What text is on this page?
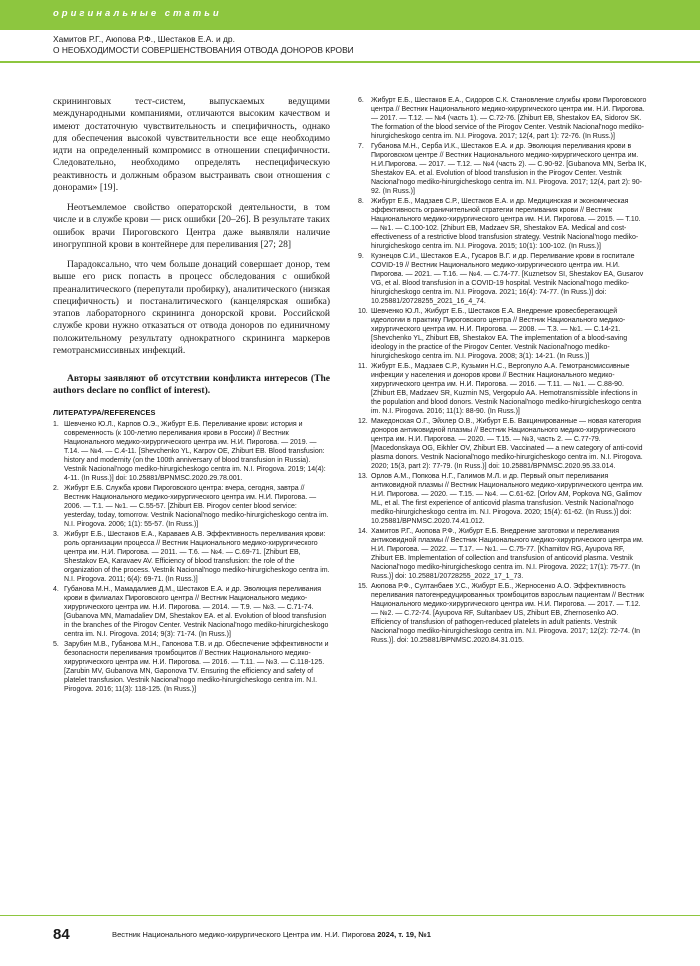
оригинальные статьи
Хамитов Р.Г., Аюпова Р.Ф., Шестаков Е.А. и др.
О НЕОБХОДИМОСТИ СОВЕРШЕНСТВОВАНИЯ ОТВОДА ДОНОРОВ КРОВИ

скрининговых тест-систем, выпускаемых ведущими международными компаниями, отличаются высоким качеством и имеют достаточную чувствительность и специфичность, однако для обеспечения высокой чувствительности все еще необходимо идти на определенный компромисс в отношении специфичности. Следовательно, необходимо определять неспецифическую реактивность и должным образом выстраивать свои отношения с донорами» [19].

Неотъемлемое свойство операторской деятельности, в том числе и в службе крови — риск ошибки [20–26]. В результате таких ошибок врачи Пироговского Центра даже выявляли наличие иногруппной крови в контейнере для переливания [27; 28]

Парадоксально, что чем больше донаций совершает донор, тем выше его риск попасть в процесс обследования с ошибкой преаналитического (перепутали пробирку), аналитического (низкая специфичность) и постаналитического (канцелярская ошибка) этапов лабораторного скрининга донорской крови. Российской службе крови нужно отказаться от отвода доноров по единичному положительному результату однократного скрининга маркеров гемотрансмиссивных инфекций.

Авторы заявляют об отсутствии конфликта интересов (The authors declare no conflict of interest).

ЛИТЕРАТУРА/REFERENCES
1. Шевченко Ю.Л., Карпов О.Э., Жибурт Е.Б. Переливание крови: история и современность (к 100-летию переливания крови в России) // Вестник Национального медико-хирургического центра им. Н.И. Пирогова. — 2019. — Т.14. — №4. — С.4-11. [Shevchenko YL, Karpov OE, Zhiburt EB. Blood transfusion: history and modernity (on the 100th anniversary of blood transfusion in Russia). Vestnik Nacional'nogo mediko-hirurgicheskogo centra im. N.I. Pirogova. 2019; 14(4): 4-11. (In Russ.)] doi: 10.25881/BPNMSC.2020.29.78.001.
2. Жибурт Е.Б. Служба крови Пироговского центра: вчера, сегодня, завтра // Вестник Национального медико-хирургического центра им. Н.И. Пирогова. — 2006. — Т.1. — №1. — С.55-57. [Zhiburt EB. Pirogov center blood service: yesterday, today, tomorrow. Vestnik Nacional'nogo mediko-hirurgicheskogo centra im. N.I. Pirogova. 2006; 1(1): 55-57. (In Russ.)]
3. Жибурт Е.Б., Шестаков Е.А., Караваев А.В. Эффективность переливания крови: роль организации процесса // Вестник Национального медико-хирургического центра им. Н.И. Пирогова. — 2011. — Т.6. — №4. — С.69-71. [Zhiburt EB, Shestakov EA, Karavaev AV. Efficiency of blood transfusion: the role of the organization of the process. Vestnik Nacional'nogo mediko-hirurgicheskogo centra im. N.I. Pirogova. 2011; 6(4): 69-71. (In Russ.)]
4. Губанова М.Н., Мамадалиев Д.М., Шестаков Е.А. и др. Эволюция переливания крови в филиалах Пироговского центра // Вестник Национального медико-хирургического центра им. Н.И. Пирогова. — 2014. — Т.9. — №3. — С.71-74. [Gubanova MN, Mamadaliev DM, Shestakov EA. et al. Evolution of blood transfusion in the branches of the Pirogov Center. Vestnik Nacional'nogo mediko-hirurgicheskogo centra im. N.I. Pirogova. 2014; 9(3): 71-74. (In Russ.)]
5. Зарубин М.В., Губанова М.Н., Гапонова Т.В. и др. Обеспечение эффективности и безопасности переливания тромбоцитов // Вестник Национального медико-хирургического центра им. Н.И. Пирогова. — 2016. — Т.11. — №3. — С.118-125. [Zarubin MV, Gubanova MN, Gaponova TV. Ensuring the efficiency and safety of platelet transfusion. Vestnik Nacional'nogo mediko-hirurgicheskogo centra im. N.I. Pirogova. 2016; 11(3): 118-125. (In Russ.)]
6.	Жибурт Е.Б., Шестаков Е.А., Сидоров С.К. Становление службы крови Пироговского центра // Вестник Национального медико-хирургического центра им. Н.И. Пирогова. — 2017. — Т.12. — №4 (часть 1). — С.72-76. [Zhiburt EB, Shestakov EA, Sidorov SK. The formation of the blood service of the Pirogov Center. Vestnik Nacional'nogo mediko-hirurgicheskogo centra im. N.I. Pirogova. 2017; 12(4, part 1): 72-76. (In Russ.)]
7.	Губанова М.Н., Серба И.К., Шестаков Е.А. и др. Эволюция переливания крови в Пироговском центре // Вестник Национального медико-хирургического центра им. Н.И.Пирогова. — 2017. — Т.12. — №4 (часть 2). — С.90-92. [Gubanova MN, Serba IK, Shestakov EA. et al. Evolution of blood transfusion in the Pirogov Center. Vestnik Nacional'nogo mediko-hirurgicheskogo centra im. N.I. Pirogova. 2017; 12(4, part 2): 90-92. (In Russ.)]
8.	Жибурт Е.Б., Мадзаев С.Р., Шестаков Е.А. и др. Медицинская и экономическая эффективность ограничительной стратегии переливания крови // Вестник Национального медико-хирургического центра им. Н.И. Пирогова. — 2015. — Т.10. — №1. — С.100-102. [Zhiburt EB, Madzaev SR, Shestakov EA. Medical and cost-effectiveness of a restrictive blood transfusion strategy. Vestnik Nacional'nogo mediko-hirurgicheskogo centra im. N.I. Pirogova. 2015; 10(1): 100-102. (In Russ.)]
9.	Кузнецов С.И., Шестаков Е.А., Гусаров В.Г. и др. Переливание крови в госпитале COVID-19 // Вестник Национального медико-хирургического центра им. Н.И. Пирогова. — 2021. — Т.16. — №4. — С.74-77. [Kuznetsov SI, Shestakov EA, Gusarov VG, et al. Blood transfusion in a COVID-19 hospital. Vestnik Nacional'nogo mediko-hirurgicheskogo centra im. N.I. Pirogova. 2021; 16(4): 74-77. (In Russ.)] doi: 10.25881/20728255_2021_16_4_74.
10. Шевченко Ю.Л., Жибурт Е.Б., Шестаков Е.А. Внедрение кровесберегающей идеологии в практику Пироговского центра // Вестник Национального медико-хирургического центра им. Н.И. Пирогова. — 2008. — Т.3. — №1. — С.14-21. [Shevchenko YL, Zhiburt EB, Shestakov EA. The implementation of a blood-saving ideology in the practice of the Pirogov Center. Vestnik Nacional'nogo mediko-hirurgicheskogo centra im. N.I. Pirogova. 2008; 3(1): 14-21. (In Russ.)]
11. Жибурт Е.Б., Мадзаев С.Р., Кузьмин Н.С., Вергопуло А.А. Гемотрансмиссивные инфекции у населения и доноров крови // Вестник Национального медико-хирургического центра им. Н.И. Пирогова. — 2016. — Т.11. — №1. — С.88-90. [Zhiburt EB, Madzaev SR, Kuzmin NS, Vergopulo AA. Hemotransmissible infections in the population and blood donors. Vestnik Nacional'nogo mediko-hirurgicheskogo centra im. N.I. Pirogova. 2016; 11(1): 88-90. (In Russ.)]
12. Македонская О.Г., Эйхлер О.В., Жибурт Е.Б. Вакцинированные — новая категория доноров антиковидной плазмы // Вестник Национального медико-хирургического центра им. Н.И. Пирогова. — 2020. — Т.15. — №3, часть 2. — С.77-79. [Macedonskaya OG, Eikhler OV, Zhiburt EB. Vaccinated — a new category of anti-covid plasma donors. Vestnik Nacional'nogo mediko-hirurgicheskogo centra im. N.I. Pirogova. 2020; 15(3, part 2): 77-79. (In Russ.)] doi: 10.25881/BPNMSC.2020.95.33.014.
13. Орлов А.М., Попкова Н.Г., Галимов М.Л. и др. Первый опыт переливания антиковидной плазмы // Вестник Национального медико-хирургического центра им. Н.И. Пирогова. — 2020. — Т.15. — №4. — С.61-62. [Orlov AM, Popkova NG, Galimov ML, et al. The first experience of anticovid plasma transfusion. Vestnik Nacional'nogo mediko-hirurgicheskogo centra im. N.I. Pirogova. 2020; 15(4): 61-62. (In Russ.)] doi: 10.25881/BPNMSC.2020.74.41.012.
14. Хамитов Р.Г., Аюпова Р.Ф., Жибурт Е.Б. Внедрение заготовки и переливания антиковидной плазмы // Вестник Национального медико-хирургического центра им. Н.И. Пирогова. — 2022. — Т.17. — №1. — С.75-77. [Khamitov RG, Ayupova RF, Zhiburt EB. Implementation of collection and transfusion of anticovid plasma. Vestnik Nacional'nogo mediko-hirurgicheskogo centra im. N.I. Pirogova. 2022; 17(1): 75-77. (In Russ.)] doi: 10.25881/20728255_2022_17_1_73.
15. Аюпова Р.Ф., Султанбаев У.С., Жибурт Е.Б., Жерносенко А.О. Эффективность переливания патогенредуцированных тромбоцитов взрослым пациентам // Вестник Национального медико-хирургического центра им. Н.И. Пирогова. — 2017. — Т.12. — №2. — С.72-74. [Ayupova RF, Sultanbaev US, Zhiburt EB, Zhernosenko AO. Efficiency of transfusion of pathogen-reduced platelets in adult patients. Vestnik Nacional'nogo mediko-hirurgicheskogo centra im. N.I. Pirogova. 2017; 12(2): 72-74. (In Russ.)]. doi: 10.25881/BPNMSC.2020.84.31.015.
84	Вестник Национального медико-хирургического Центра им. Н.И. Пирогова 2024, т. 19, №1
